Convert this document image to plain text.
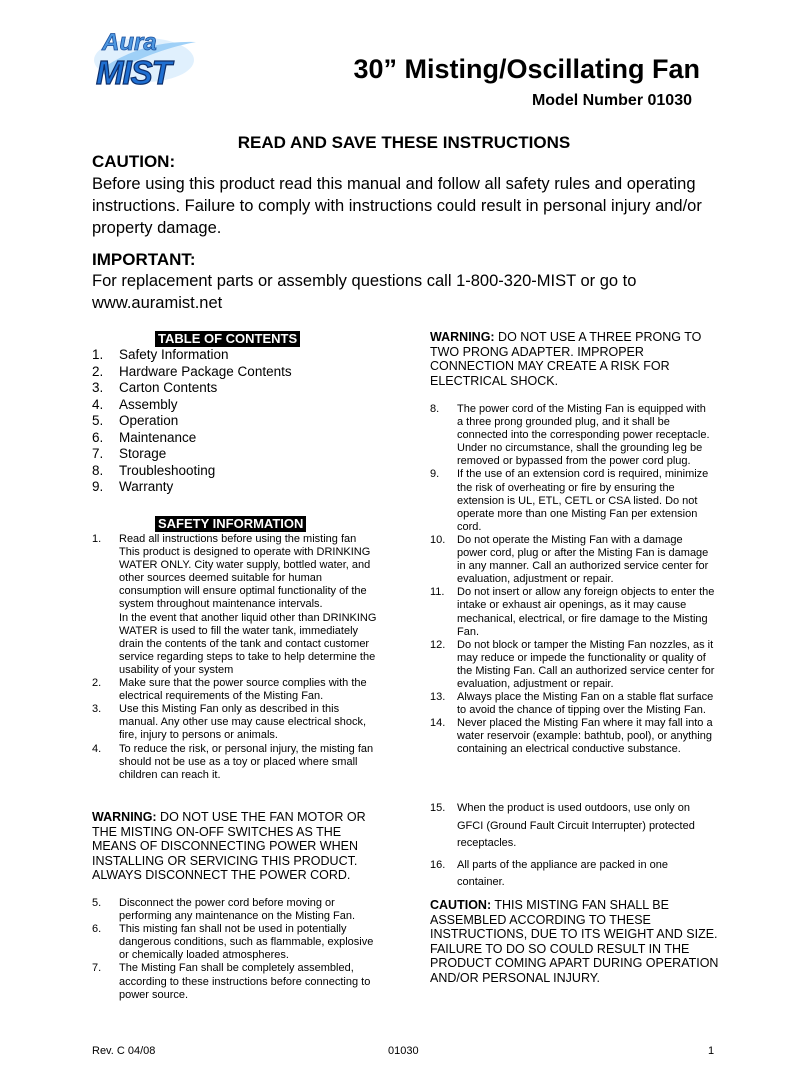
Aura
MIST	30” Misting/Oscillating Fan
Model Number 01030
READ AND SAVE THESE INSTRUCTIONS
CAUTION:
Before using this product read this manual and follow all safety rules and operating instructions. Failure to comply with instructions could result in personal injury and/or property damage.
IMPORTANT:
For replacement parts or assembly questions call 1-800-320-MIST or go to www.auramist.net
TABLE OF CONTENTS
1.	Safety Information
2.	Hardware Package Contents
3.	Carton Contents
4.	Assembly
5.	Operation
6.	Maintenance
7.	Storage
8.	Troubleshooting
9.	Warranty
SAFETY INFORMATION
1.	Read all instructions before using the misting fan
This product is designed to operate with DRINKING WATER ONLY. City water supply, bottled water, and other sources deemed suitable for human consumption will ensure optimal functionality of the system throughout maintenance intervals.
In the event that another liquid other than DRINKING WATER is used to fill the water tank, immediately drain the contents of the tank and contact customer service regarding steps to take to help determine the usability of your system
2.	Make sure that the power source complies with the electrical requirements of the Misting Fan.
3.	Use this Misting Fan only as described in this manual. Any other use may cause electrical shock, fire, injury to persons or animals.
4.	To reduce the risk, or personal injury, the misting fan should not be use as a toy or placed where small children can reach it.
WARNING: DO NOT USE THE FAN MOTOR OR THE MISTING ON-OFF SWITCHES AS THE MEANS OF DISCONNECTING POWER WHEN INSTALLING OR SERVICING THIS PRODUCT. ALWAYS DISCONNECT THE POWER CORD.
5.	Disconnect the power cord before moving or performing any maintenance on the Misting Fan.
6.	This misting fan shall not be used in potentially dangerous conditions, such as flammable, explosive or chemically loaded atmospheres.
7.	The Misting Fan shall be completely assembled, according to these instructions before connecting to power source.
WARNING: DO NOT USE A THREE PRONG TO TWO PRONG ADAPTER. IMPROPER CONNECTION MAY CREATE A RISK FOR ELECTRICAL SHOCK.
8.	The power cord of the Misting Fan is equipped with a three prong grounded plug, and it shall be connected into the corresponding power receptacle. Under no circumstance, shall the grounding leg be removed or bypassed from the power cord plug.
9.	If the use of an extension cord is required, minimize the risk of overheating or fire by ensuring the extension is UL, ETL, CETL or CSA listed. Do not operate more than one Misting Fan per extension cord.
10.	Do not operate the Misting Fan with a damage power cord, plug or after the Misting Fan is damage in any manner. Call an authorized service center for evaluation, adjustment or repair.
11.	Do not insert or allow any foreign objects to enter the intake or exhaust air openings, as it may cause mechanical, electrical, or fire damage to the Misting Fan.
12.	Do not block or tamper the Misting Fan nozzles, as it may reduce or impede the functionality or quality of the Misting Fan. Call an authorized service center for evaluation, adjustment or repair.
13.	Always place the Misting Fan on a stable flat surface to avoid the chance of tipping over the Misting Fan.
14.	Never placed the Misting Fan where it may fall into a water reservoir (example: bathtub, pool), or anything containing an electrical conductive substance.
15.	When the product is used outdoors, use only on GFCI (Ground Fault Circuit Interrupter) protected receptacles.
16.	All parts of the appliance are packed in one container.
CAUTION: THIS MISTING FAN SHALL BE ASSEMBLED ACCORDING TO THESE INSTRUCTIONS, DUE TO ITS WEIGHT AND SIZE. FAILURE TO DO SO COULD RESULT IN THE PRODUCT COMING APART DURING OPERATION AND/OR PERSONAL INJURY.
Rev. C 04/08	01030	1
